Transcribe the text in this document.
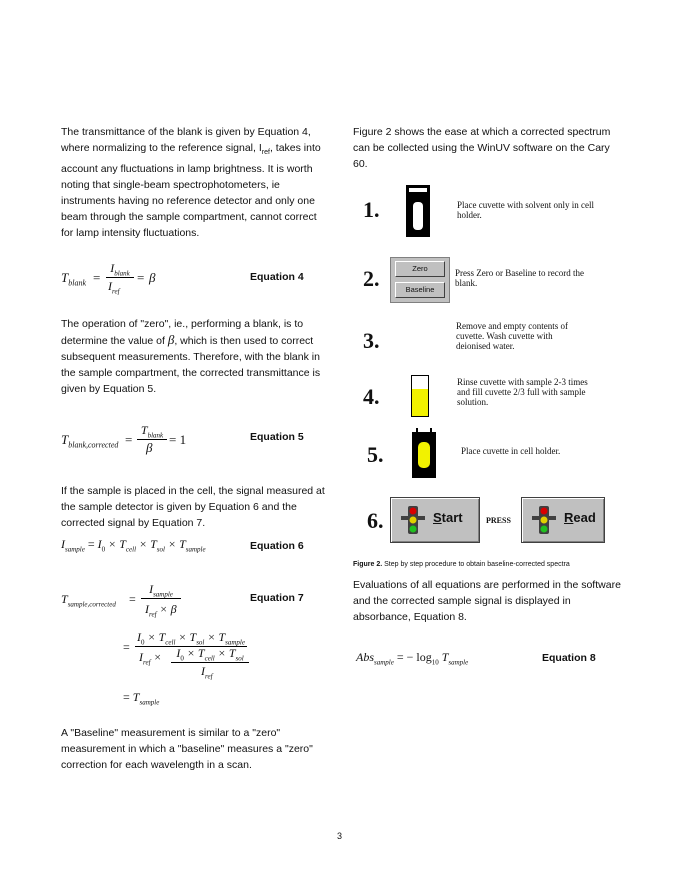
The transmittance of the blank is given by Equation 4, where normalizing to the reference signal, $I_{ref}$, takes into account any fluctuations in lamp brightness. It is worth noting that single-beam spectrophotometers, ie instruments having no reference detector and only one beam through the sample compartment, cannot correct for lamp intensity fluctuations.
$T_{blank}$ =
$I_{blank}$
$I_{ref}$
= β	Equation 4
The operation of "zero", ie., performing a blank, is to determine the value of β, which is then used to correct subsequent measurements. Therefore, with the blank in the sample compartment, the corrected transmittance is given by Equation 5.
$T_{blank,corrected}$ =
$T_{blank}$
β
= 1	Equation 5
If the sample is placed in the cell, the signal measured at the sample detector is given by Equation 6 and the corrected signal by Equation 7.
$I_{sample} = I_0 \times T_{cell} \times T_{sol} \times T_{sample}$	Equation 6
$T_{sample,corrected}$ =
$I_{sample}$
$I_{ref} \times \beta$
=
$I_0 \times T_{cell} \times T_{sol} \times T_{sample}$
$I_{ref}$ ×	$I_0 \times T_{cell} \times T_{sol}$
$I_{ref}$
= $T_{sample}$
Equation 7
A "Baseline" measurement is similar to a "zero" measurement in which a "baseline" measures a "zero" correction for each wavelength in a scan.
Figure 2 shows the ease at which a corrected spectrum can be collected using the WinUV software on the Cary 60.
1.	Place cuvette with solvent only in cell holder.
2.	Zero
Baseline
Press Zero or Baseline to record the blank.
3.
Remove and empty contents of cuvette. Wash cuvette with deionised water.
4.
Rinse cuvette with sample 2-3 times and fill cuvette 2/3 full with sample solution.
5.	Place cuvette in cell holder.
6.	Start	PRESS	Read
Figure 2. Step by step procedure to obtain baseline-corrected spectra
Evaluations of all equations are performed in the software and the corrected sample signal is displayed in absorbance, Equation 8.
Abs$_{sample}$ = − $\log_{10} T_{sample}$	Equation 8
3
